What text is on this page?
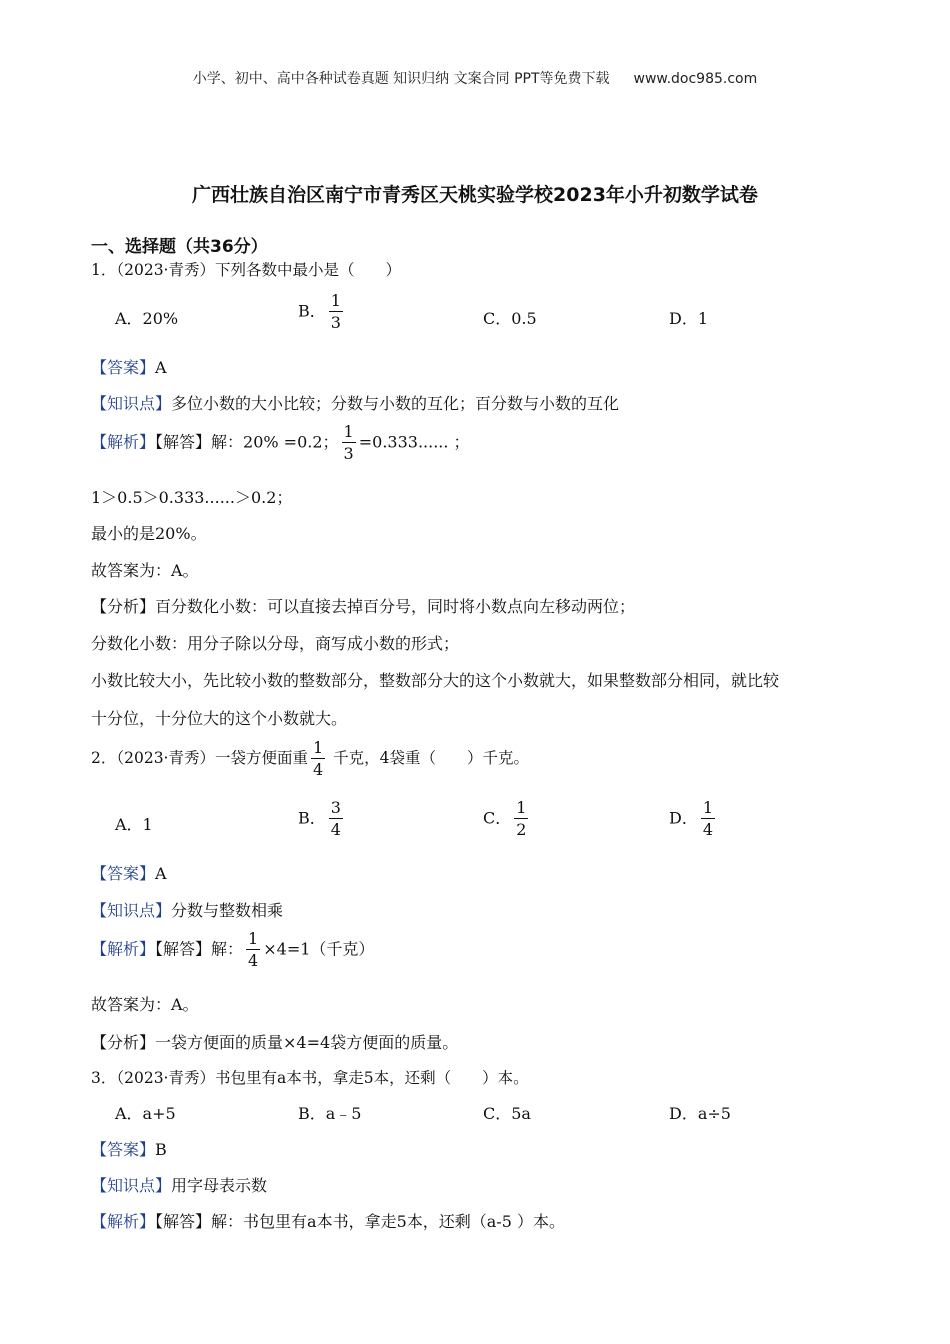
小学、初中、高中各种试卷真题 知识归纳 文案合同 PPT等免费下载 www.doc985.com
广西壮族自治区南宁市青秀区天桃实验学校2023年小升初数学试卷
一、选择题（共36分）
1．（2023·青秀）下列各数中最小是（　　）
A．20%	B． $\frac{1}{3}$	C．0.5	D．1
【答案】A
【知识点】多位小数的大小比较；分数与小数的互化；百分数与小数的互化
【解析】【解答】解：20% =0.2； $\frac{1}{3} =0.333$...... ；
1＞0.5＞0.333......＞0.2；
最小的是20%。
故答案为：A。
【分析】百分数化小数：可以直接去掉百分号，同时将小数点向左移动两位；
分数化小数：用分子除以分母，商写成小数的形式；
小数比较大小，先比较小数的整数部分，整数部分大的这个小数就大，如果整数部分相同，就比较
十分位，十分位大的这个小数就大。
2．（2023·青秀）一袋方便面重 $\frac{1}{4}$ 千克，4袋重（　　）千克。
A．1	B． $\frac{3}{4}$	C． $\frac{1}{2}$	D． $\frac{1}{4}$
【答案】A
【知识点】分数与整数相乘
【解析】【解答】解： $\frac{1}{4} \times 4=1$（千克）
故答案为：A。
【分析】一袋方便面的质量×4=4袋方便面的质量。
3．（2023·青秀）书包里有a本书，拿走5本，还剩（　　）本。
A．a+5	B．a﹣5	C．5a	D．a÷5
【答案】B
【知识点】用字母表示数
【解析】【解答】解：书包里有a本书，拿走5本，还剩（a-5 ）本。
